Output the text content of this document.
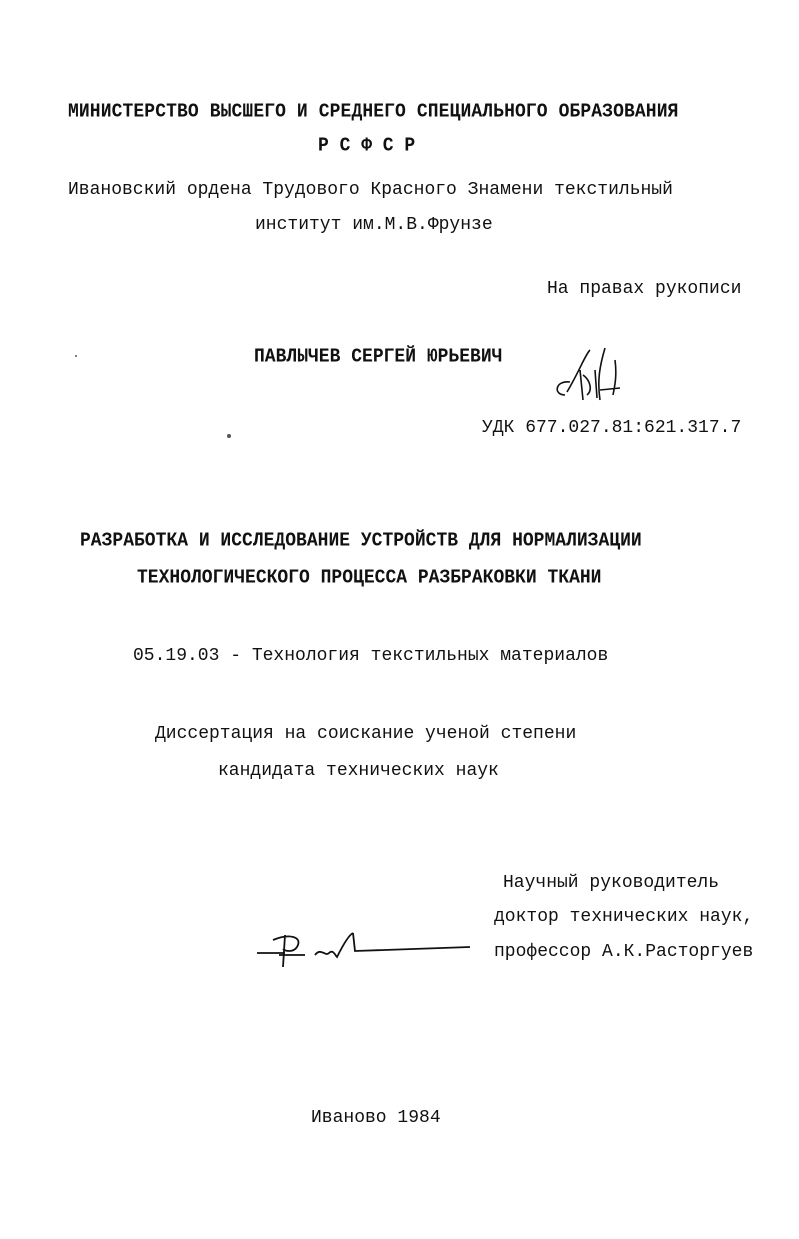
МИНИСТЕРСТВО ВЫСШЕГО И СРЕДНЕГО СПЕЦИАЛЬНОГО ОБРАЗОВАНИЯ
Р С Ф С Р
Ивановский ордена Трудового Красного Знамени текстильный
институт им.М.В.Фрунзе
На правах рукописи
ПАВЛЫЧЕВ СЕРГЕЙ ЮРЬЕВИЧ
УДК 677.027.81:621.317.7
РАЗРАБОТКА И ИССЛЕДОВАНИЕ УСТРОЙСТВ ДЛЯ НОРМАЛИЗАЦИИ
ТЕХНОЛОГИЧЕСКОГО ПРОЦЕССА РАЗБРАКОВКИ ТКАНИ
05.19.03 - Технология текстильных материалов
Диссертация на соискание ученой степени
кандидата технических наук
Научный руководитель
доктор технических наук,
профессор А.К.Расторгуев
Иваново 1984
